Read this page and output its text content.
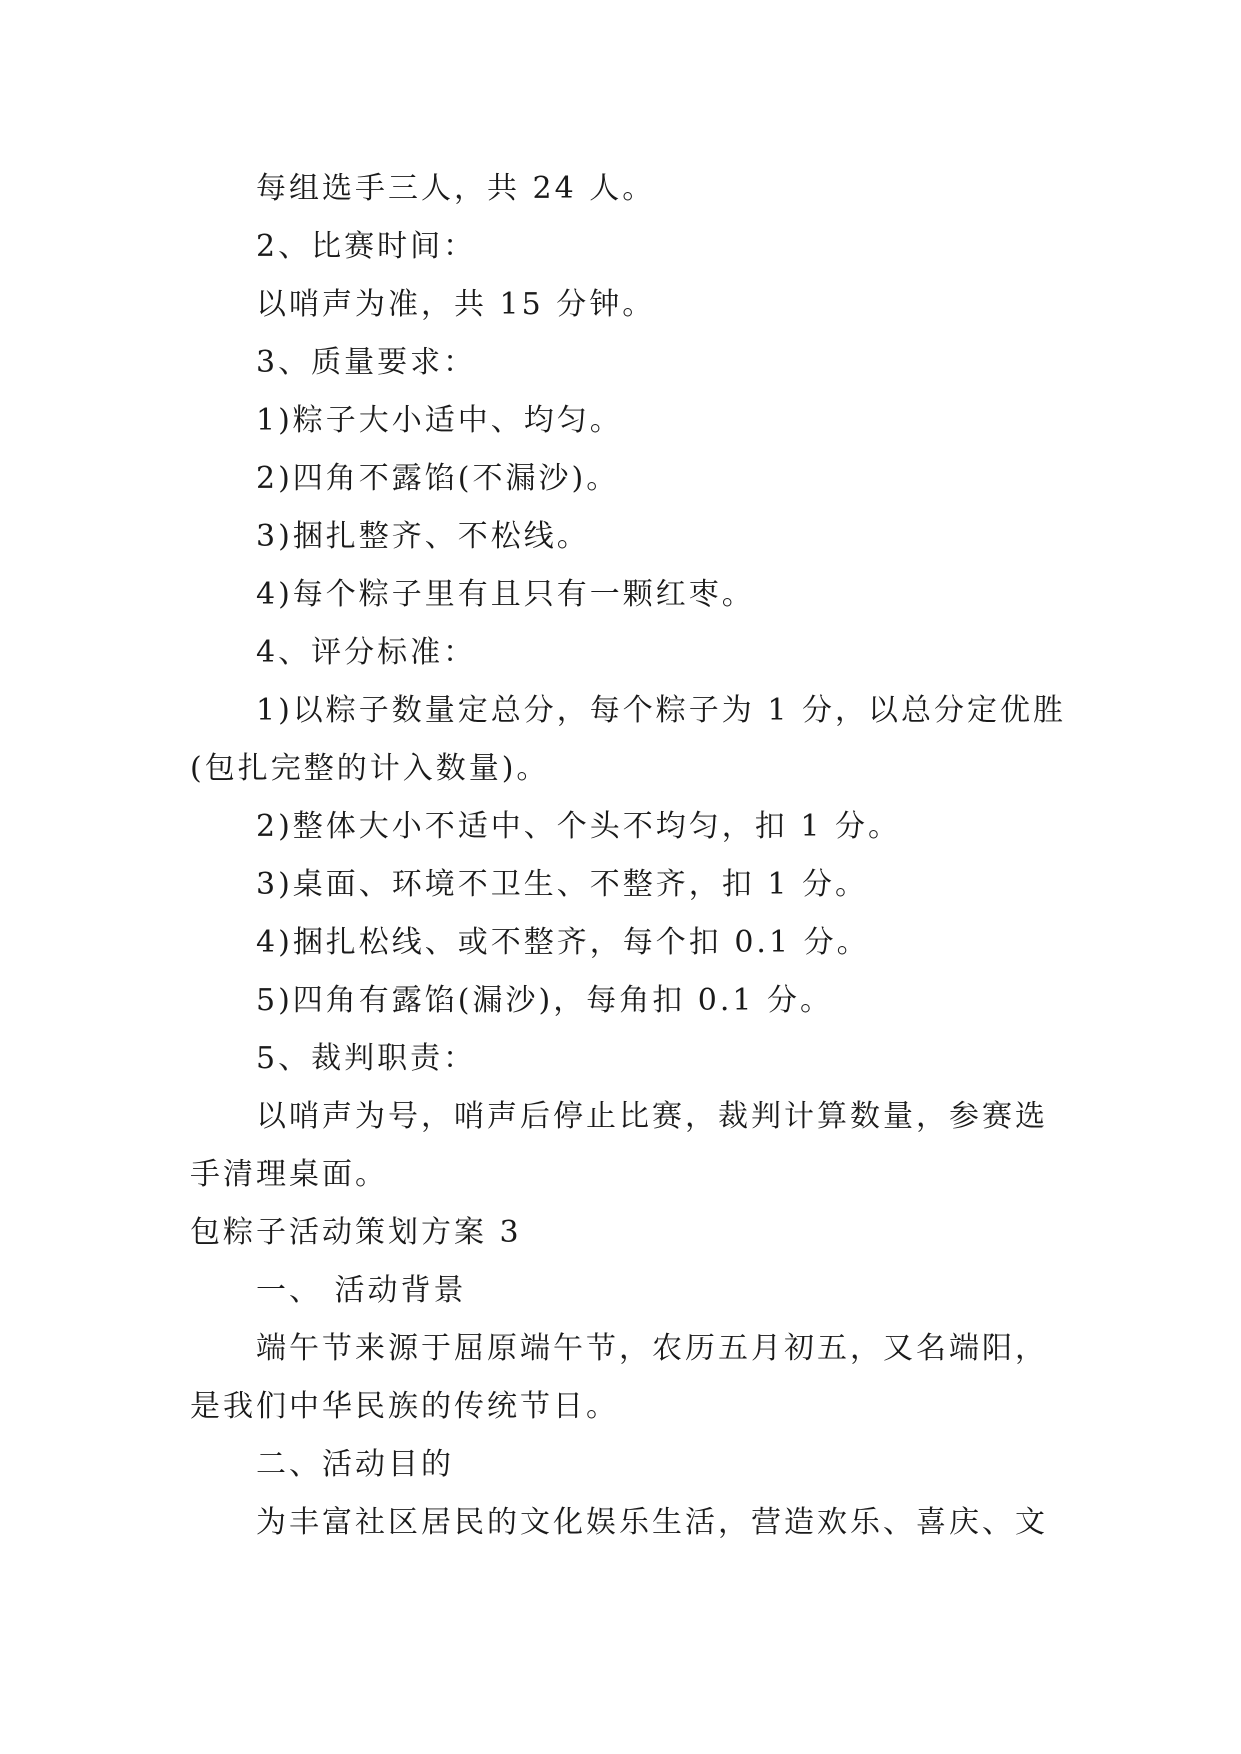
每组选手三人，共 24 人。
2、比赛时间：
以哨声为准，共 15 分钟。
3、质量要求：
1)粽子大小适中、均匀。
2)四角不露馅(不漏沙)。
3)捆扎整齐、不松线。
4)每个粽子里有且只有一颗红枣。
4、评分标准：
1)以粽子数量定总分，每个粽子为 1 分，以总分定优胜
(包扎完整的计入数量)。
2)整体大小不适中、个头不均匀，扣 1 分。
3)桌面、环境不卫生、不整齐，扣 1 分。
4)捆扎松线、或不整齐，每个扣 0.1 分。
5)四角有露馅(漏沙)，每角扣 0.1 分。
5、裁判职责：
以哨声为号，哨声后停止比赛，裁判计算数量，参赛选
手清理桌面。
包粽子活动策划方案 3
一、 活动背景
端午节来源于屈原端午节，农历五月初五，又名端阳，
是我们中华民族的传统节日。
二、活动目的
为丰富社区居民的文化娱乐生活，营造欢乐、喜庆、文
